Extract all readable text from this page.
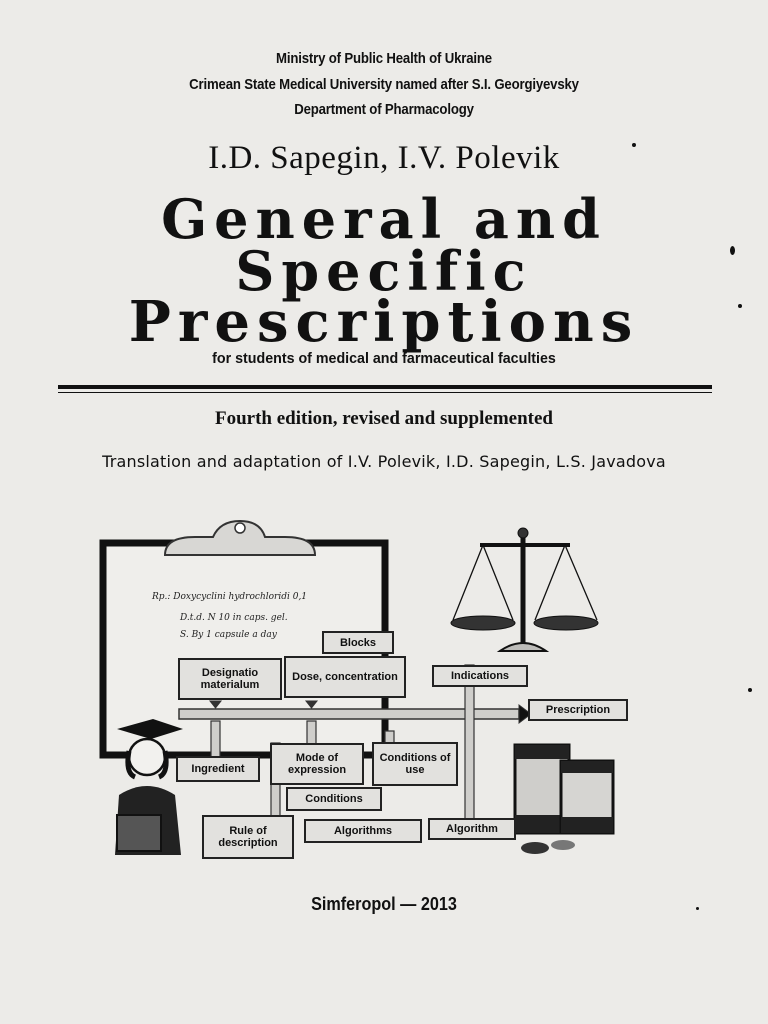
Ministry of Public Health of Ukraine
Crimean State Medical University named after S.I. Georgiyevsky
Department of Pharmacology
I.D. Sapegin, I.V. Polevik
General and
Specific
Prescriptions
for students of medical and farmaceutical faculties
Fourth edition, revised and supplemented
Translation and adaptation of I.V. Polevik, I.D. Sapegin, L.S. Javadova
Rp.: Doxycyclini hydrochloridi 0,1
D.t.d. N 10 in caps. gel.
S. By 1 capsule a day
Blocks
Designatio materialum
Dose, concentration	Indications
Prescription
Ingredient
Mode of expression
Conditions of use
Conditions
Rule of description
Algorithms	Algorithm
Simferopol — 2013
